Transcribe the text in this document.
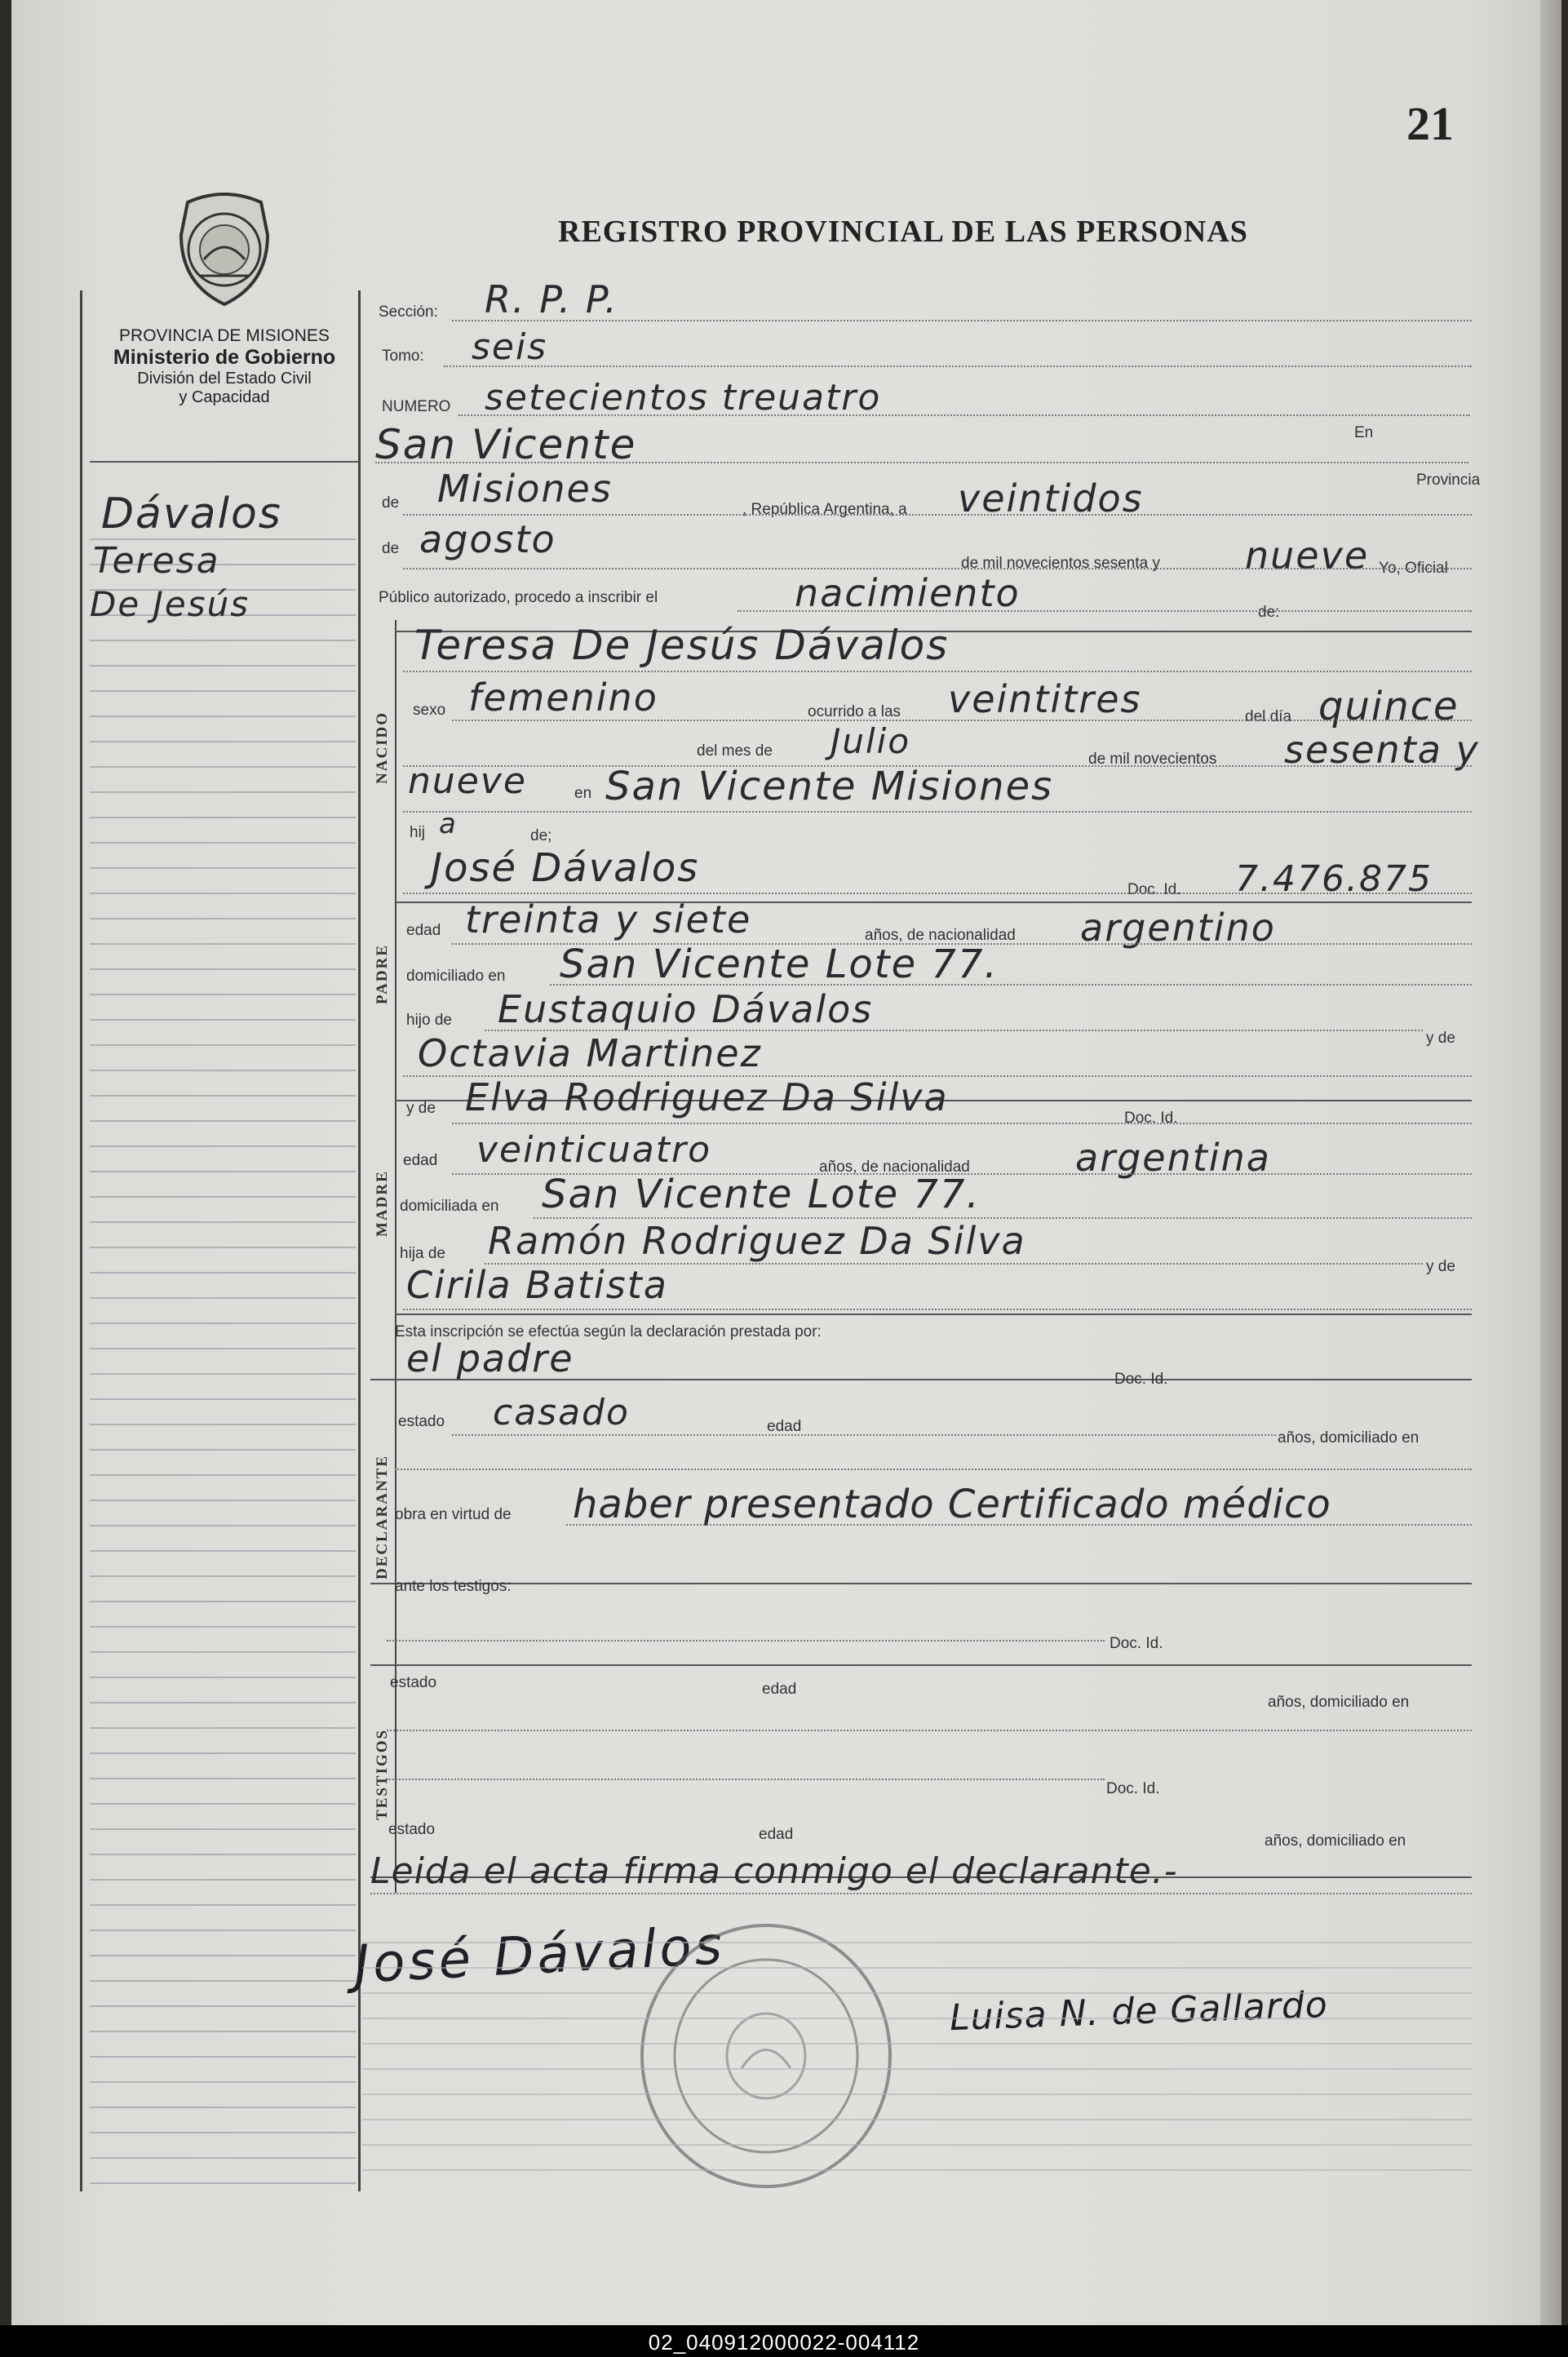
21
REGISTRO PROVINCIAL DE LAS PERSONAS
PROVINCIA DE MISIONES
Ministerio de Gobierno
División del Estado Civil
y Capacidad
Dávalos
Teresa
De Jesús
NACIDO
PADRE
MADRE
DECLARANTE
TESTIGOS
Sección: R. P. P.
Tomo: seis
NUMERO setecientos treuatro
San Vicente	En
de Misiones	Provincia
, República Argentina, a veintidos
de agosto
de mil novecientos sesenta y nueve Yo, Oficial
Público autorizado, procedo a inscribir el	nacimiento	de:
Teresa De Jesús Dávalos
sexo femenino	ocurrido a las veintitres	del día quince
del mes de Julio	de mil novecientos sesenta y
nueve	en San Vicente Misiones
hij a	de;
José Dávalos	Doc. Id. 7.476.875
edad treinta y siete	años, de nacionalidad argentino
domiciliado en San Vicente Lote 77.
hijo de Eustaquio Dávalos
y de
Octavia Martinez
y de Elva Rodriguez Da Silva	Doc. Id.
edad veinticuatro	años, de nacionalidad	argentina
domiciliada en San Vicente Lote 77.
hija de Ramón Rodriguez Da Silva
y de
Cirila Batista
Esta inscripción se efectúa según la declaración prestada por:
el padre	Doc. Id.
estado casado	edad
años, domiciliado en
obra en virtud de haber presentado Certificado médico
ante los testigos:
Doc. Id.
estado	edad
años, domiciliado en
Doc. Id.
estado	edad	años, domiciliado en
Leida el acta firma conmigo el declarante.-
José Dávalos
Luisa N. de Gallardo
02_040912000022-004112
